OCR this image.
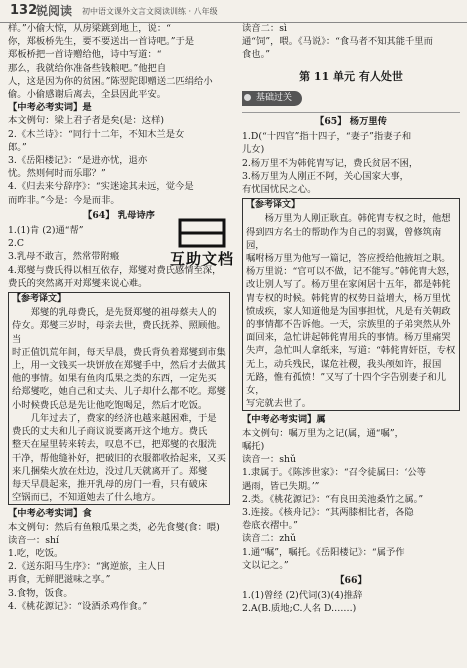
132
锐阅读 初中语文课外文言文阅读训练 · 八年级

样。”小偷大惊，从房梁跳到地上，说：“

你，郑板桥先生，要不要送出一首诗吧。”于是

郑板桥把一首诗赠给他，诗中写道：“

那么，我就给你准备些钱粮吧。”他把自

人，这是因为你的贫困。”陈翌陀即赠送二匹绢给小

偷。小偷感谢后离去，全县因此平安。

【中考必考实词】是

本文例句：梁上君子者是矣(是：这样)

2.《木兰诗》：“同行十二年，不知木兰是女

郎。”

3.《岳阳楼记》：“是进亦忧，退亦

忧。然则何时而乐耶？”

4.《归去来兮辞序》：“实迷途其未远，觉今是

而昨非。”今是：今是而非。

【64】 乳母诗序

1.(1)肯 (2)通“帮”

2.C

3.乳母不敢言，然常带附瘢

4.郑燮与费氏得以相互依存，郑燮对费氏感情至深，

费氏的突然离开对郑燮来说心难。

【参考译文】

郑燮的乳母费氏，是先贤郑燮的祖母蔡夫人的

侍女。郑燮三岁时，母亲去世，费氏抚养、照顾他。当

时正值饥荒年间，每天早晨，费氏背负着郑燮到市集

上，用一文钱买一块饼放在郑燮手中，然后才去做其

他的事情。如果有鱼肉瓜果之类的东西，一定先买

给郑燮吃，她自己和丈夫、儿子却什么都不吃。郑燮

小时候费氏总是先让他吃饱喝足，然后才吃饭。

几年过去了，费家的经济也越来越困难，于是

费氏的丈夫和儿子商议说要离开这个地方。费氏

整天在屋里转来转去，叹息不已，把郑燮的衣服洗

干净，帮他缝补好，把破旧的衣服都收拾起来，又买

来几捆柴火放在灶边，没过几天就离开了。郑燮

每天早晨起来，推开乳母的房门一看，只有破床

空锅而已，不知道她去了什么地方。

【中考必考实词】食

本文例句：然后有鱼粮瓜果之类，必先食燮(食：喂)

读音一：shí

1.吃，吃饭。

2.《送东阳马生序》：“寓逆旅，主人日

再食，无鲜肥滋味之享。”

3.食物，饭食。

4.《桃花源记》：“设酒杀鸡作食。”

读音二：sì

通“饲”，喂。《马说》：“食马者不知其能千里而

食也。”

第 11 单元 有人处世

基础过关

【65】 杨万里传

1.D(“十四官”指十四子，“妻子”指妻子和

儿女)

2.杨万里不为韩侂胄写记，费氏贫居不困，

3.杨万里为人刚正不阿，关心国家大事，

有忧国忧民之心。

【参考译文】

杨万里为人刚正耿直。韩侂胄专权之时，他想

得到四方名士的帮助作为自己的羽翼，曾修筑南园，

嘱咐杨万里为他写一篇记，答应授给他掖垣之职。

杨万里说：“官可以不做，记不能写。”韩侂胄大怒，

改让别人写了。杨万里在家闲居十五年，都是韩侂

胄专权的时候。韩侂胄的权势日益增大，杨万里忧

愤成疾，家人知道他是为国事担忧，凡是有关朝政

的事情都不告诉他。一天，宗族里的子弟突然从外

面回来，急忙讲起韩侂胄用兵的事情。杨万里痛哭

失声，急忙叫人拿纸来，写道：“韩侂胄奸臣，专权

无上，动兵残民，谋危社稷，我头颅如许，报国

无路，惟有孤愤！”又写了十四个字告别妻子和儿女，

写完就去世了。

【中考必考实词】属

本文例句：嘱万里为之记(属，通“嘱”，

嘱托)

读音一：shǔ

1.隶属于。《陈涉世家》：“召令徒属曰：‘公等

遇雨，皆已失期。’”

2.类。《桃花源记》：“有良田美池桑竹之属。”

3.连接。《核舟记》：“其两膝相比者，各隐

卷底衣褶中。”

读音二：zhǔ

1.通“嘱”，嘱托。《岳阳楼记》：“属予作

文以记之。”

【66】

1.(1)曾经 (2)代词(3)(4)推辞

2.A(B.质地;C.人名 D.……)

互助文档
